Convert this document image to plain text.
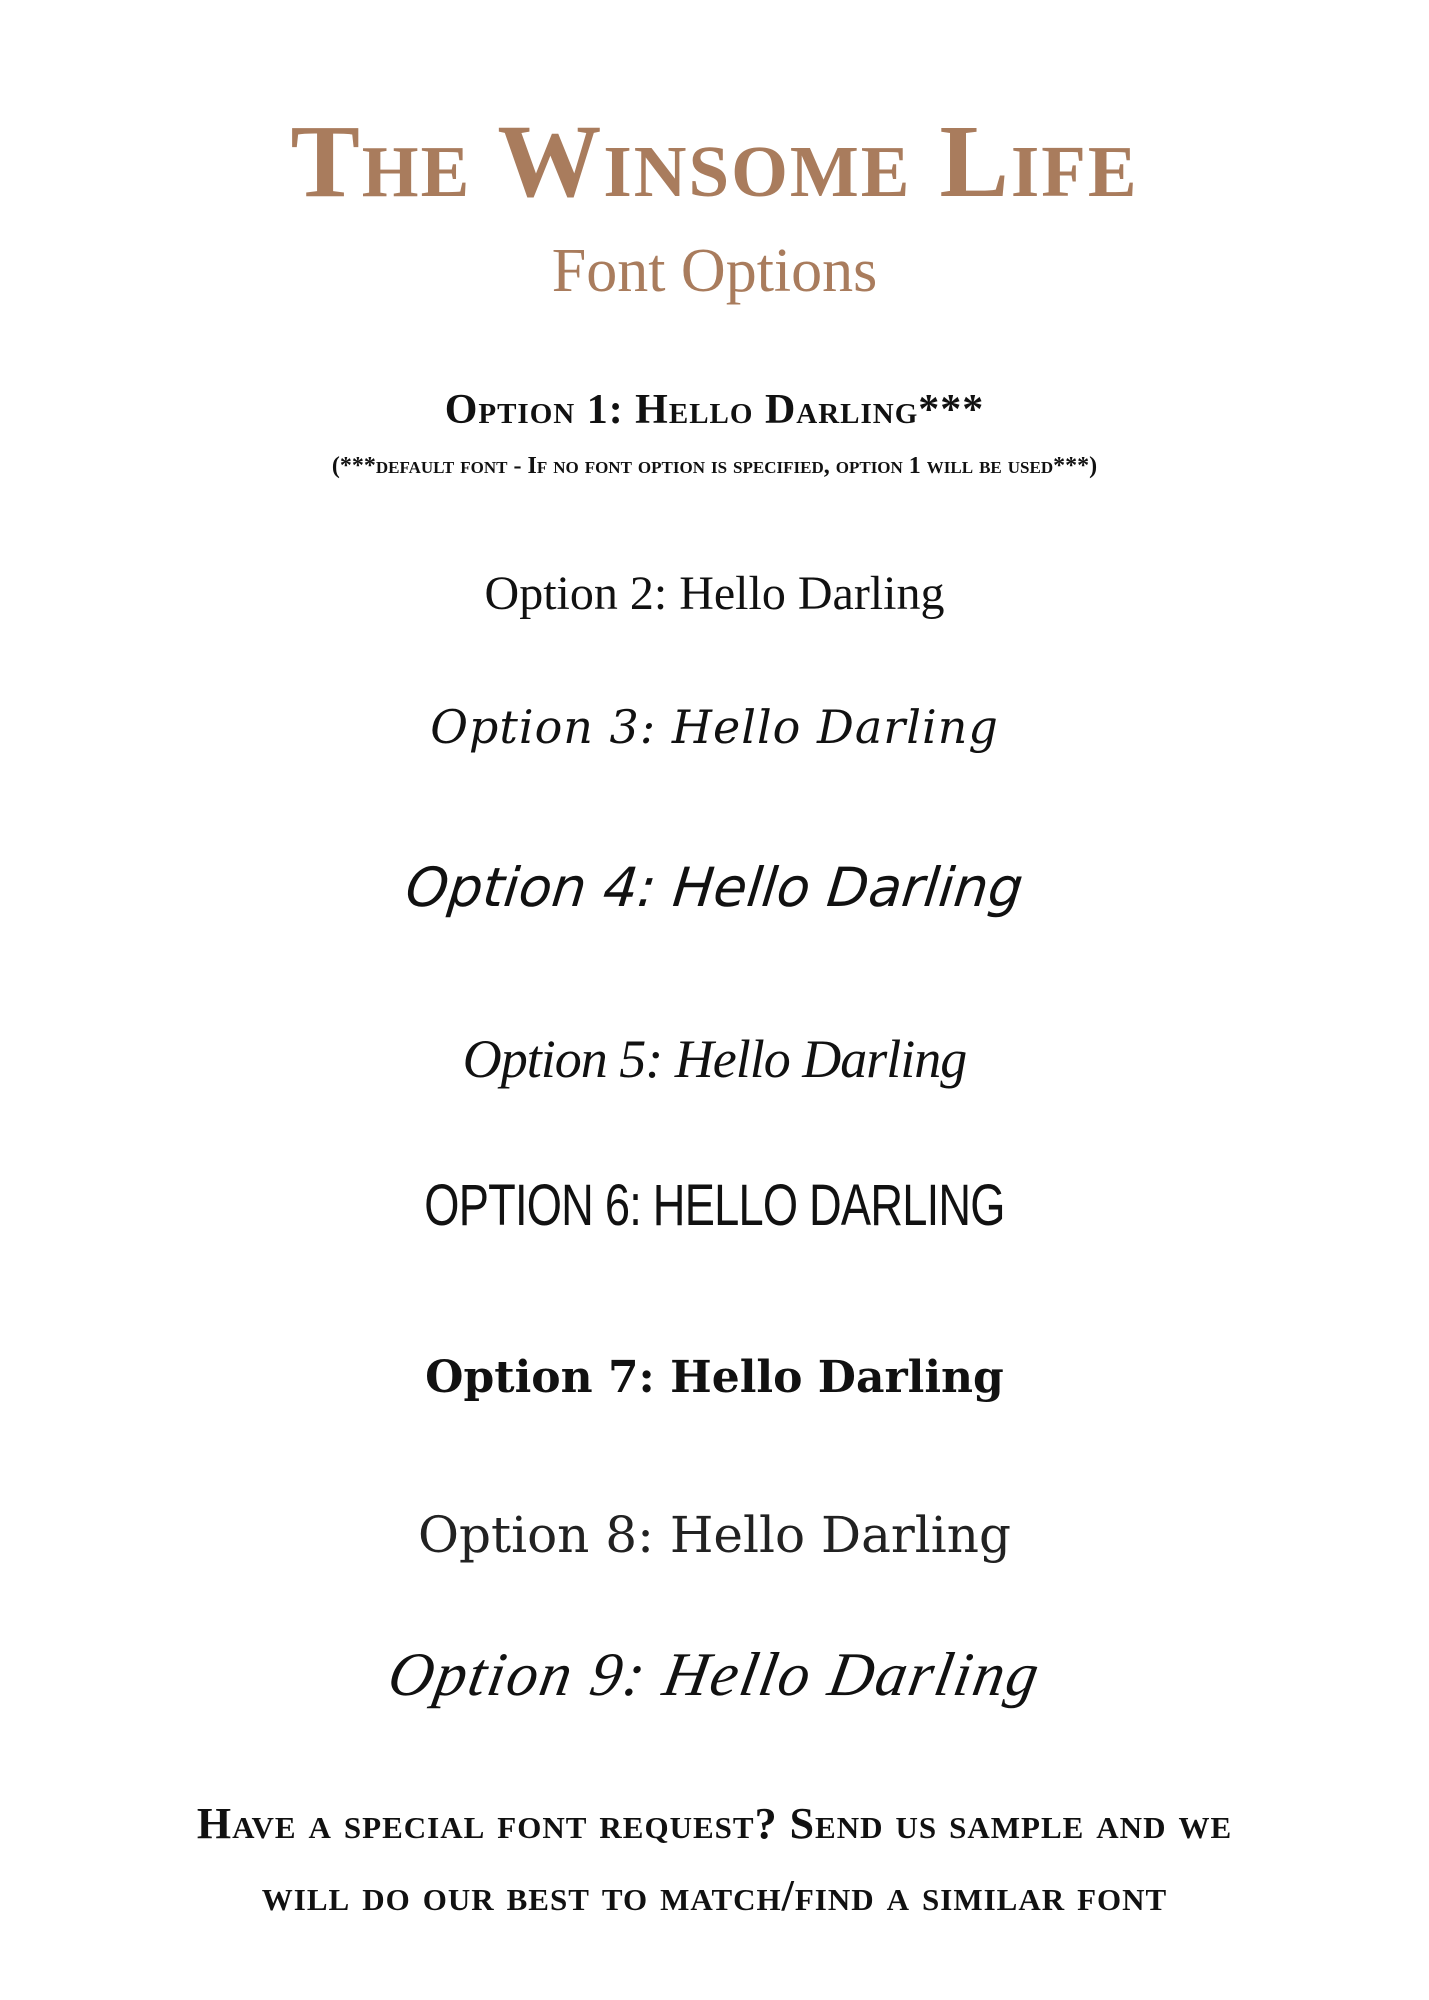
The Winsome Life
Font Options
Option 1: Hello Darling***
(***default font - If no font option is specified, option 1 will be used***)
Option 2: Hello Darling
Option 3: Hello Darling
Option 4: Hello Darling
Option 5: Hello Darling
OPTION 6: HELLO DARLING
Option 7: Hello Darling
Option 8: Hello Darling
Option 9: Hello Darling
Have a special font request? Send us sample and we
will do our best to match/find a similar font
